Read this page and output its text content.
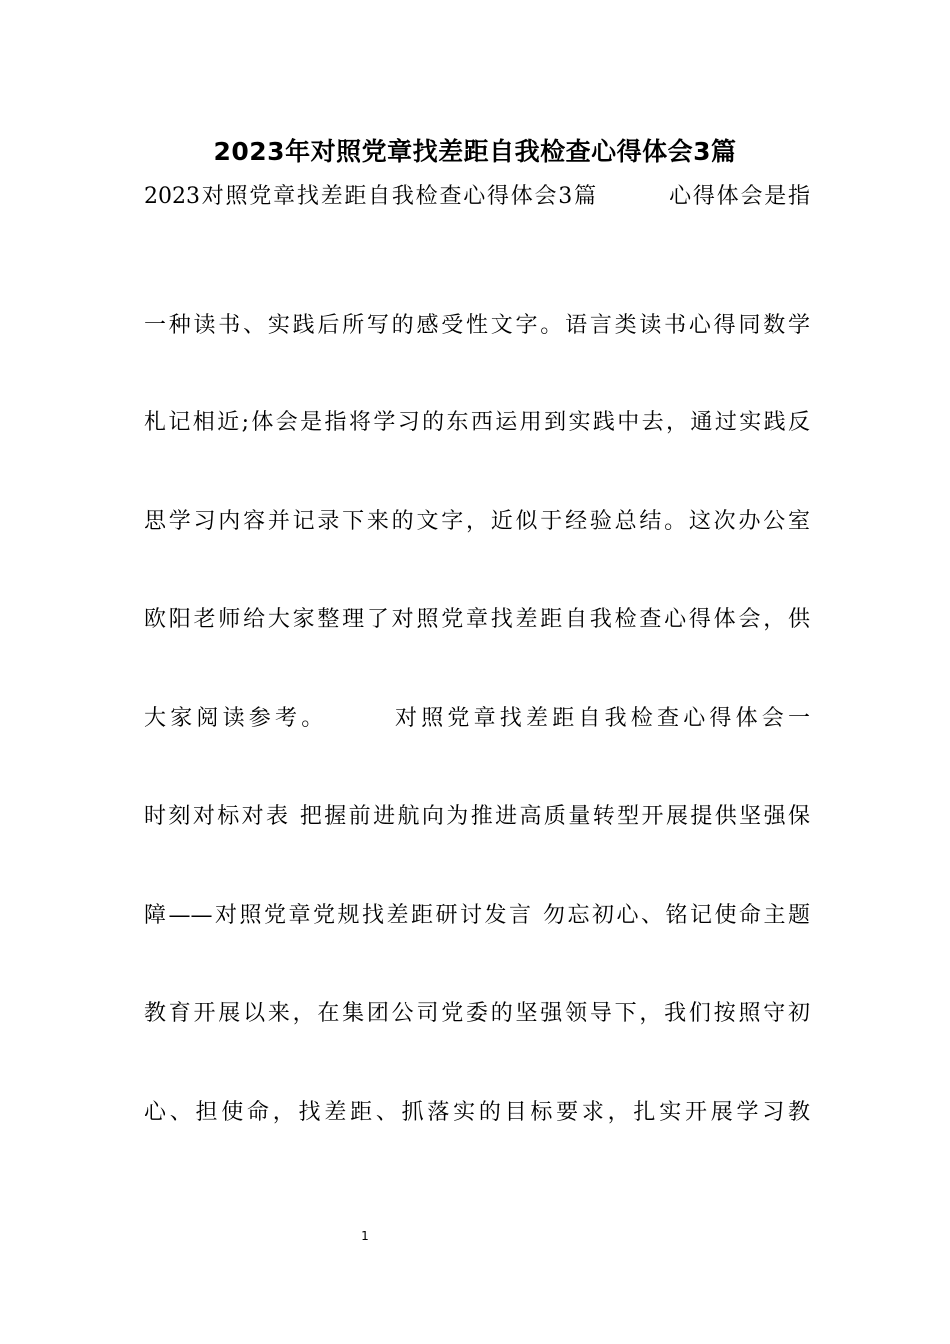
2023年对照党章找差距自我检查心得体会3篇
2023对照党章找差距自我检查心得体会3篇　　　心得体会是指
一种读书、实践后所写的感受性文字。语言类读书心得同数学
札记相近;体会是指将学习的东西运用到实践中去，通过实践反
思学习内容并记录下来的文字，近似于经验总结。这次办公室
欧阳老师给大家整理了对照党章找差距自我检查心得体会，供
大家阅读参考。　　　对照党章找差距自我检查心得体会一
时刻对标对表 把握前进航向为推进高质量转型开展提供坚强保
障——对照党章党规找差距研讨发言 勿忘初心、铭记使命主题
教育开展以来，在集团公司党委的坚强领导下，我们按照守初
心、担使命，找差距、抓落实的目标要求，扎实开展学习教
1
